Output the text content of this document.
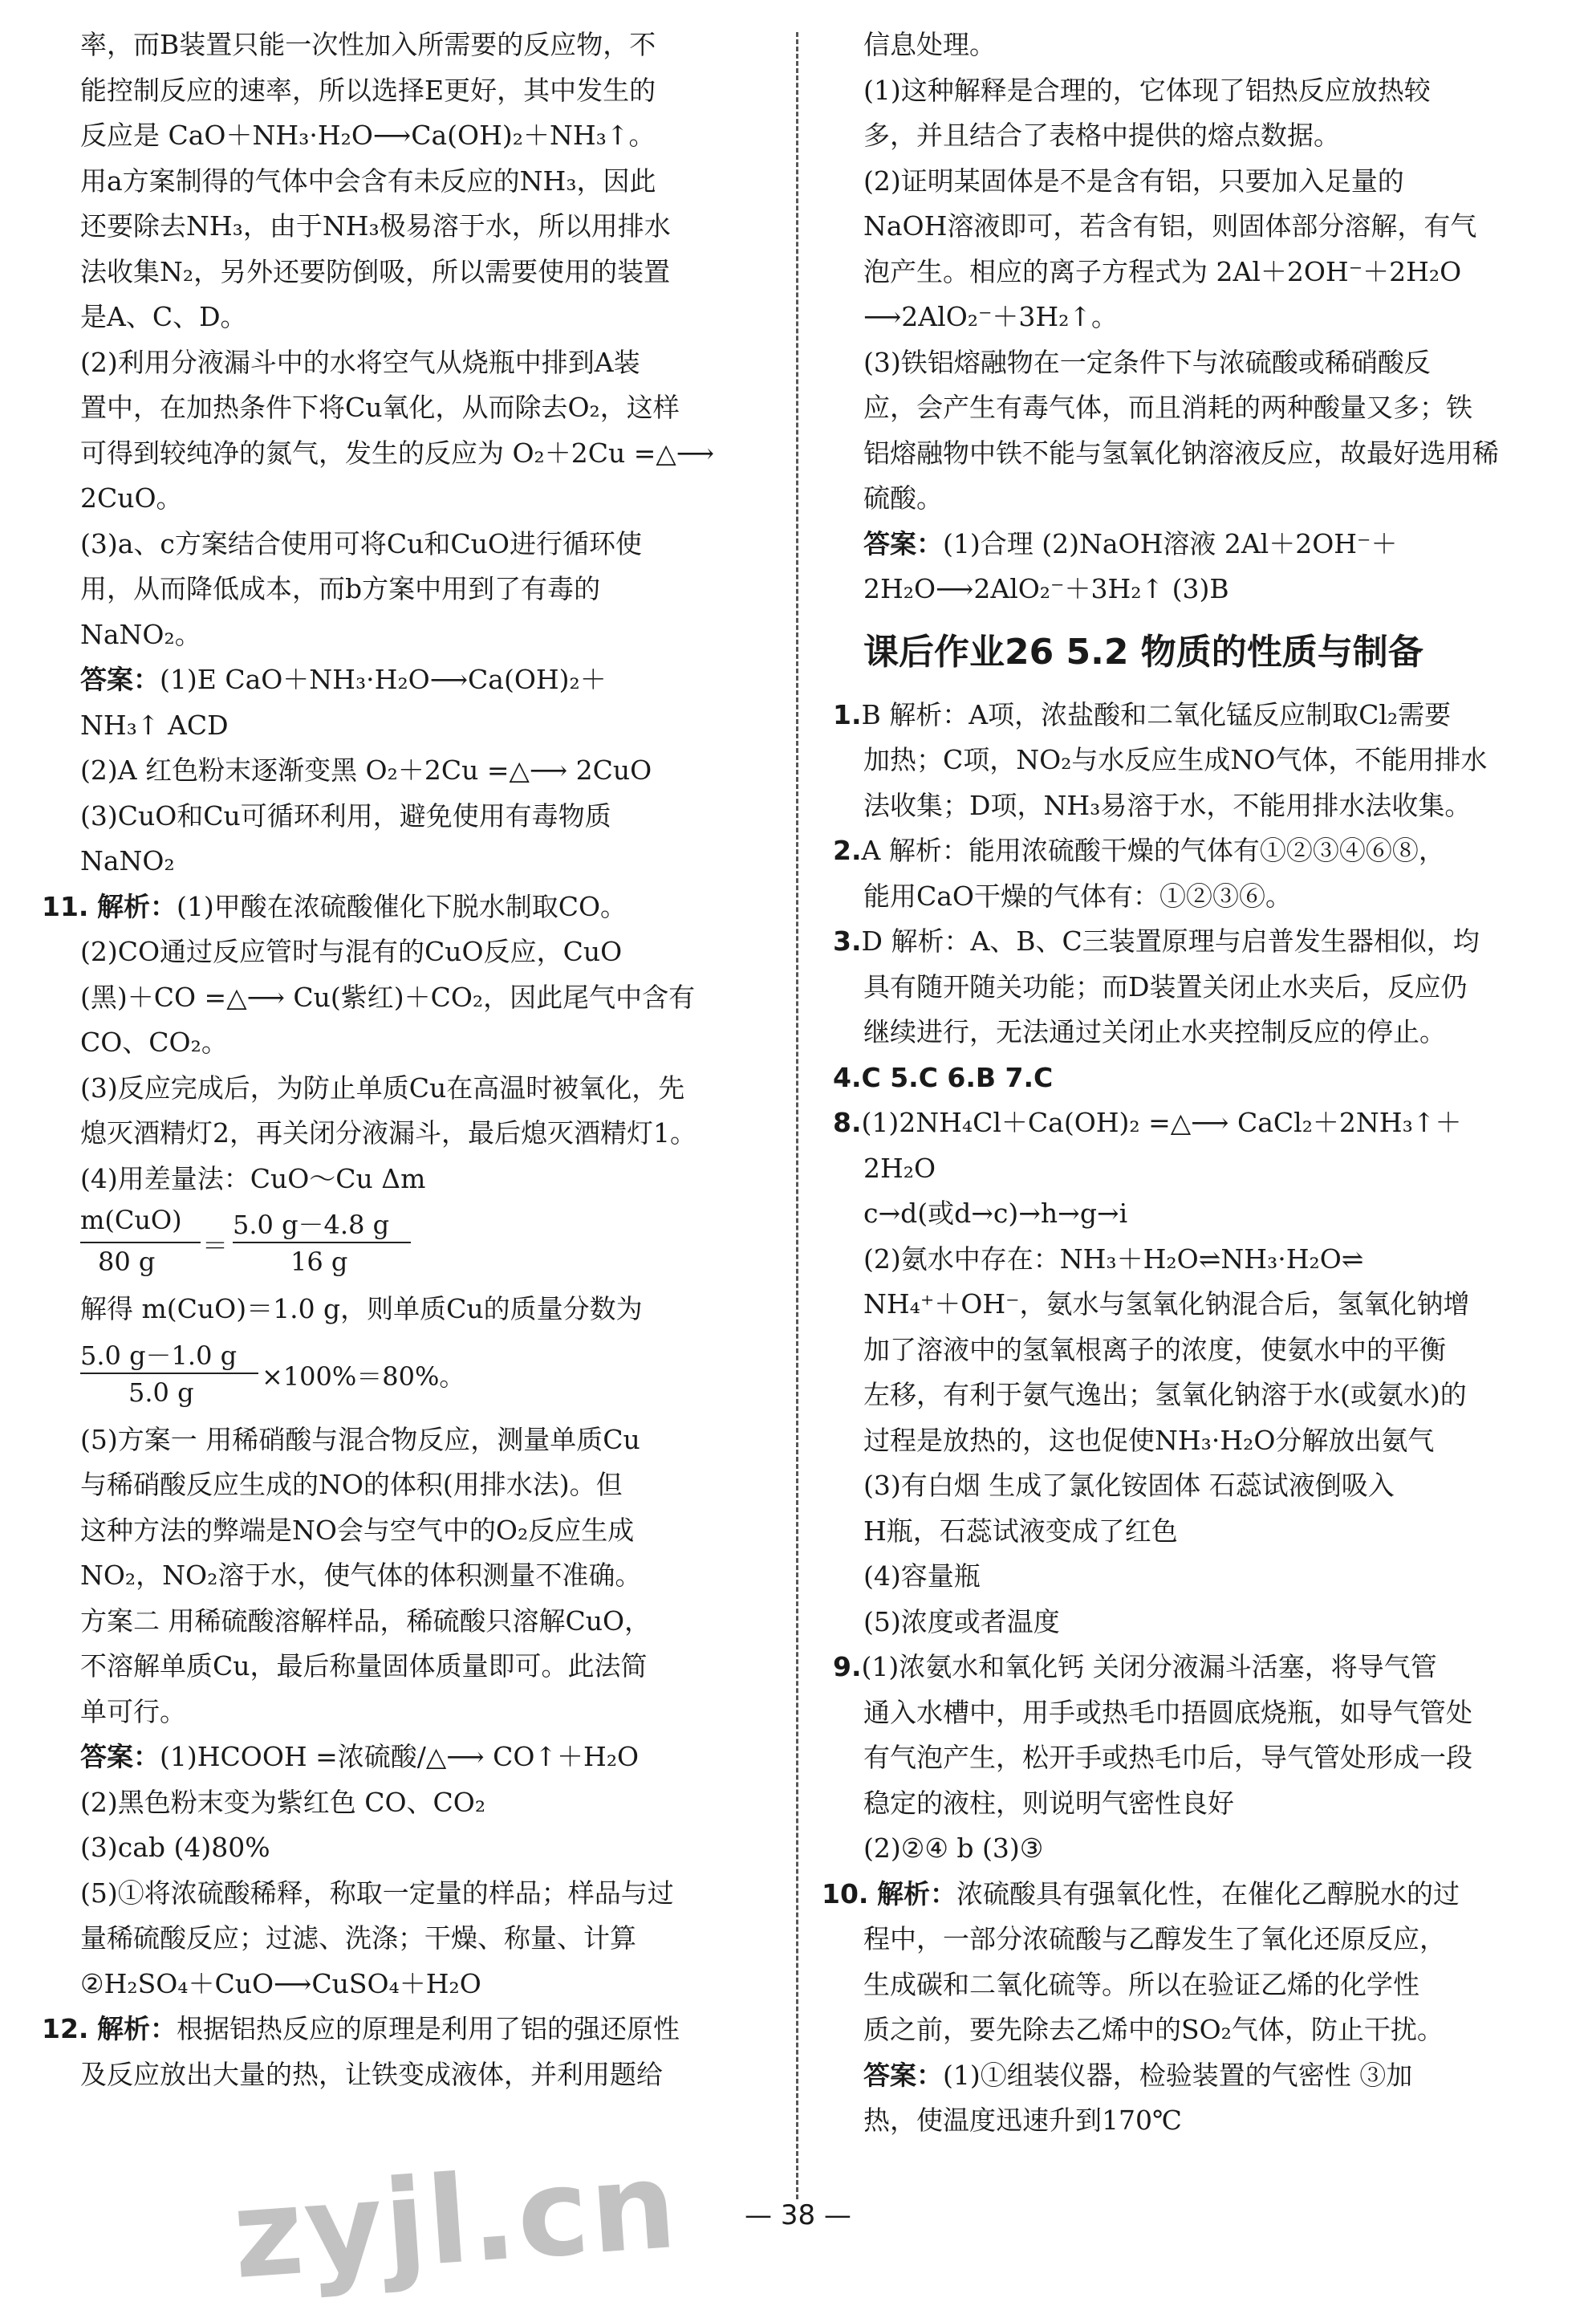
率，而B装置只能一次性加入所需要的反应物，不
能控制反应的速率，所以选择E更好，其中发生的
反应是 CaO＋NH₃·H₂O⟶Ca(OH)₂＋NH₃↑。
用a方案制得的气体中会含有未反应的NH₃，因此
还要除去NH₃，由于NH₃极易溶于水，所以用排水
法收集N₂，另外还要防倒吸，所以需要使用的装置
是A、C、D。
(2)利用分液漏斗中的水将空气从烧瓶中排到A装
置中，在加热条件下将Cu氧化，从而除去O₂，这样
可得到较纯净的氮气，发生的反应为 O₂＋2Cu =△⟶
2CuO。
(3)a、c方案结合使用可将Cu和CuO进行循环使
用，从而降低成本，而b方案中用到了有毒的
NaNO₂。
答案：(1)E CaO＋NH₃·H₂O⟶Ca(OH)₂＋
NH₃↑ ACD
(2)A 红色粉末逐渐变黑 O₂＋2Cu =△⟶ 2CuO
(3)CuO和Cu可循环利用，避免使用有毒物质
NaNO₂
11. 解析：(1)甲酸在浓硫酸催化下脱水制取CO。
(2)CO通过反应管时与混有的CuO反应，CuO
(黑)＋CO =△⟶ Cu(紫红)＋CO₂，因此尾气中含有
CO、CO₂。
(3)反应完成后，为防止单质Cu在高温时被氧化，先
熄灭酒精灯2，再关闭分液漏斗，最后熄灭酒精灯1。
(4)用差量法：CuO～Cu Δm
m(CuO)
80 g
＝
5.0 g－4.8 g
16 g
解得 m(CuO)＝1.0 g，则单质Cu的质量分数为
5.0 g－1.0 g
5.0 g
×100%＝80%。
(5)方案一 用稀硝酸与混合物反应，测量单质Cu
与稀硝酸反应生成的NO的体积(用排水法)。但
这种方法的弊端是NO会与空气中的O₂反应生成
NO₂，NO₂溶于水，使气体的体积测量不准确。
方案二 用稀硫酸溶解样品，稀硫酸只溶解CuO，
不溶解单质Cu，最后称量固体质量即可。此法简
单可行。
答案：(1)HCOOH =浓硫酸/△⟶ CO↑＋H₂O
(2)黑色粉末变为紫红色 CO、CO₂
(3)cab (4)80%
(5)①将浓硫酸稀释，称取一定量的样品；样品与过
量稀硫酸反应；过滤、洗涤；干燥、称量、计算
②H₂SO₄＋CuO⟶CuSO₄＋H₂O
12. 解析：根据铝热反应的原理是利用了铝的强还原性
及反应放出大量的热，让铁变成液体，并利用题给
信息处理。
(1)这种解释是合理的，它体现了铝热反应放热较
多，并且结合了表格中提供的熔点数据。
(2)证明某固体是不是含有铝，只要加入足量的
NaOH溶液即可，若含有铝，则固体部分溶解，有气
泡产生。相应的离子方程式为 2Al＋2OH⁻＋2H₂O
⟶2AlO₂⁻＋3H₂↑。
(3)铁铝熔融物在一定条件下与浓硫酸或稀硝酸反
应，会产生有毒气体，而且消耗的两种酸量又多；铁
铝熔融物中铁不能与氢氧化钠溶液反应，故最好选用稀
硫酸。
答案：(1)合理 (2)NaOH溶液 2Al＋2OH⁻＋
2H₂O⟶2AlO₂⁻＋3H₂↑ (3)B
课后作业26 5.2 物质的性质与制备
1.B 解析：A项，浓盐酸和二氧化锰反应制取Cl₂需要
加热；C项，NO₂与水反应生成NO气体，不能用排水
法收集；D项，NH₃易溶于水，不能用排水法收集。
2.A 解析：能用浓硫酸干燥的气体有①②③④⑥⑧，
能用CaO干燥的气体有：①②③⑥。
3.D 解析：A、B、C三装置原理与启普发生器相似，均
具有随开随关功能；而D装置关闭止水夹后，反应仍
继续进行，无法通过关闭止水夹控制反应的停止。
4.C 5.C 6.B 7.C
8.(1)2NH₄Cl＋Ca(OH)₂ =△⟶ CaCl₂＋2NH₃↑＋
2H₂O
c→d(或d→c)→h→g→i
(2)氨水中存在：NH₃＋H₂O⇌NH₃·H₂O⇌
NH₄⁺＋OH⁻，氨水与氢氧化钠混合后，氢氧化钠增
加了溶液中的氢氧根离子的浓度，使氨水中的平衡
左移，有利于氨气逸出；氢氧化钠溶于水(或氨水)的
过程是放热的，这也促使NH₃·H₂O分解放出氨气
(3)有白烟 生成了氯化铵固体 石蕊试液倒吸入
H瓶，石蕊试液变成了红色
(4)容量瓶
(5)浓度或者温度
9.(1)浓氨水和氧化钙 关闭分液漏斗活塞，将导气管
通入水槽中，用手或热毛巾捂圆底烧瓶，如导气管处
有气泡产生，松开手或热毛巾后，导气管处形成一段
稳定的液柱，则说明气密性良好
(2)②④ b (3)③
10. 解析：浓硫酸具有强氧化性，在催化乙醇脱水的过
程中，一部分浓硫酸与乙醇发生了氧化还原反应，
生成碳和二氧化硫等。所以在验证乙烯的化学性
质之前，要先除去乙烯中的SO₂气体，防止干扰。
答案：(1)①组装仪器，检验装置的气密性 ③加
热，使温度迅速升到170℃
zyjl.cn	— 38 —
